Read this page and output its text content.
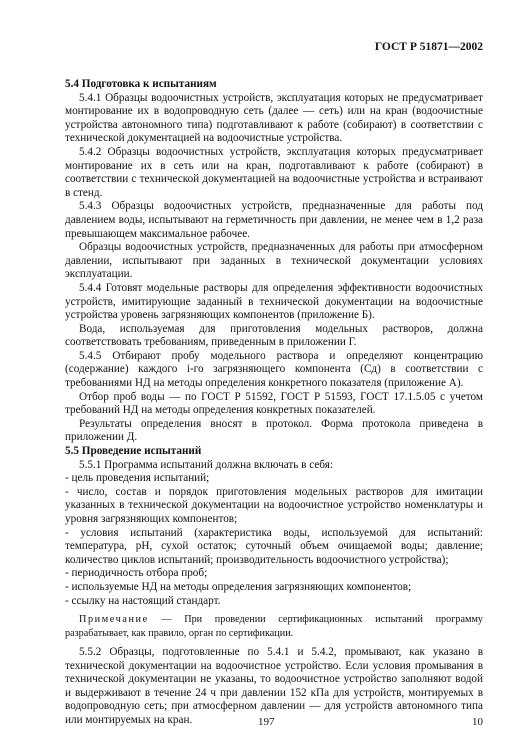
ГОСТ Р 51871—2002

5.4 Подготовка к испытаниям

5.4.1 Образцы водоочистных устройств, эксплуатация которых не предусматривает монтирование их в водопроводную сеть (далее — сеть) или на кран (водоочистные устройства автономного типа) подготавливают к работе (собирают) в соответствии с технической документацией на водоочистные устройства.

5.4.2 Образцы водоочистных устройств, эксплуатация которых предусматривает монтирование их в сеть или на кран, подготавливают к работе (собирают) в соответствии с технической документацией на водоочистные устройства и встраивают в стенд.

5.4.3 Образцы водоочистных устройств, предназначенные для работы под давлением воды, испытывают на герметичность при давлении, не менее чем в 1,2 раза превышающем максимальное рабочее.

Образцы водоочистных устройств, предназначенных для работы при атмосферном давлении, испытывают при заданных в технической документации условиях эксплуатации.

5.4.4 Готовят модельные растворы для определения эффективности водоочистных устройств, имитирующие заданный в технической документации на водоочистные устройства уровень загрязняющих компонентов (приложение Б).

Вода, используемая для приготовления модельных растворов, должна соответствовать требованиям, приведенным в приложении Г.

5.4.5 Отбирают пробу модельного раствора и определяют концентрацию (содержание) каждого i-го загрязняющего компонента (Cд) в соответствии с требованиями НД на методы определения конкретного показателя (приложение А).

Отбор проб воды — по ГОСТ Р 51592, ГОСТ Р 51593, ГОСТ 17.1.5.05 с учетом требований НД на методы определения конкретных показателей.

Результаты определения вносят в протокол. Форма протокола приведена в приложении Д.

5.5 Проведение испытаний

5.5.1 Программа испытаний должна включать в себя:

- цель проведения испытаний;

- число, состав и порядок приготовления модельных растворов для имитации указанных в технической документации на водоочистное устройство номенклатуры и уровня загрязняющих компонентов;

- условия испытаний (характеристика воды, используемой для испытаний: температура, pH, сухой остаток; суточный объем очищаемой воды; давление; количество циклов испытаний; производительность водоочистного устройства);

- периодичность отбора проб;

- используемые НД на методы определения загрязняющих компонентов;

- ссылку на настоящий стандарт.

Примечание — При проведении сертификационных испытаний программу разрабатывает, как правило, орган по сертификации.

5.5.2 Образцы, подготовленные по 5.4.1 и 5.4.2, промывают, как указано в технической документации на водоочистное устройство. Если условия промывания в технической документации не указаны, то водоочистное устройство заполняют водой и выдерживают в течение 24 ч при давлении 152 кПа для устройств, монтируемых в водопроводную сеть; при атмосферном давлении — для устройств автономного типа или монтируемых на кран.	197	10
